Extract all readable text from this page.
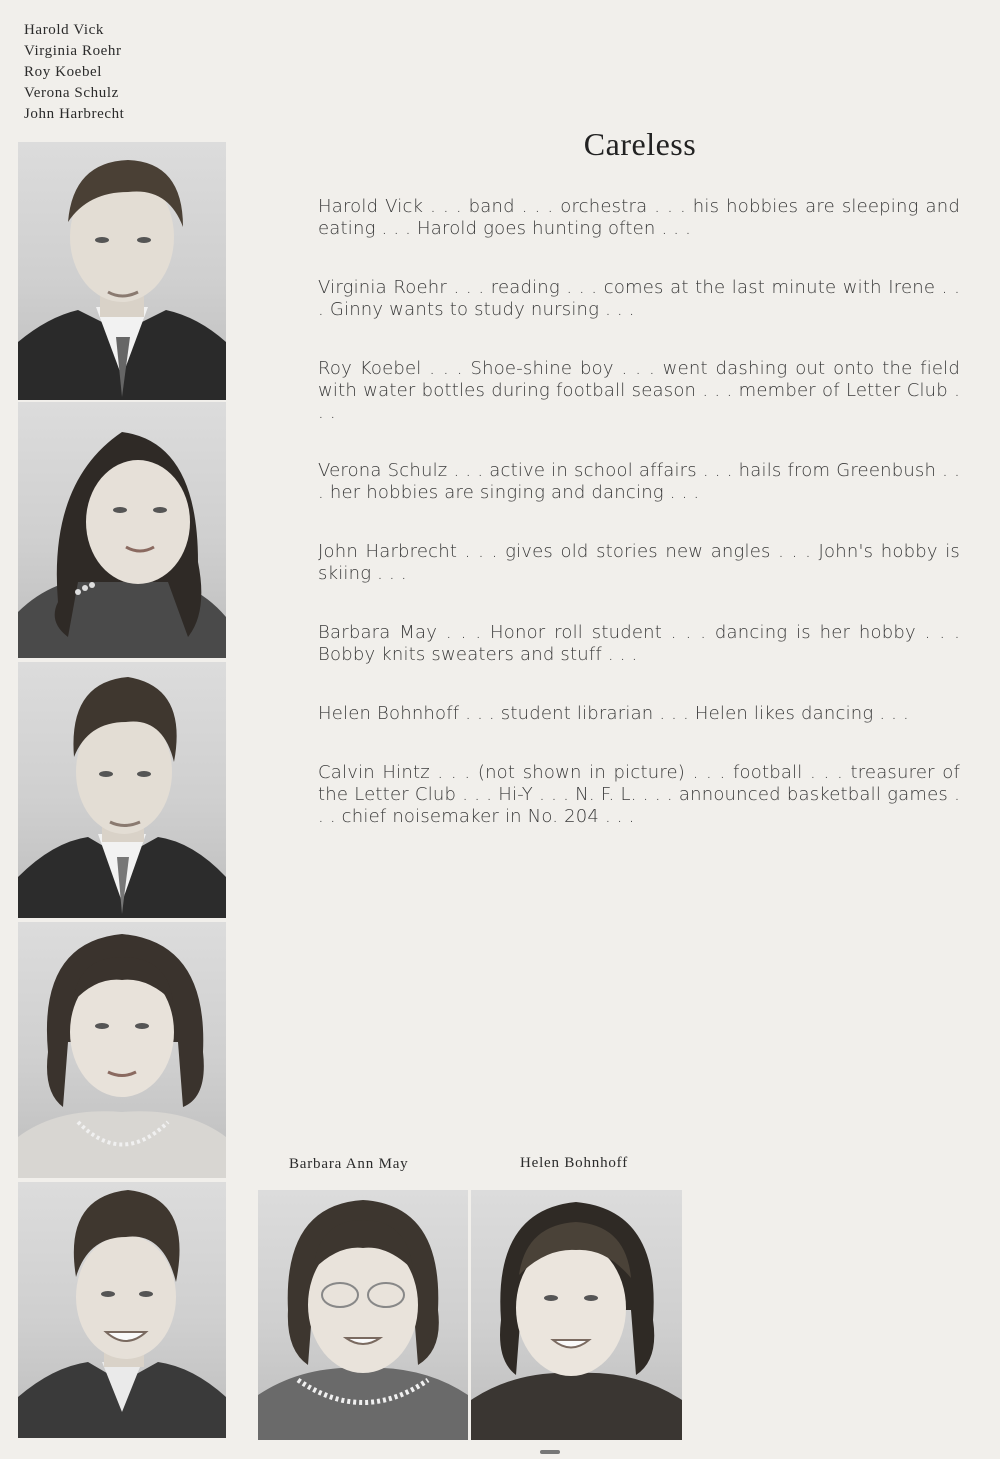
Harold Vick
Virginia Roehr
Roy Koebel
Verona Schulz
John Harbrecht
Careless
Harold Vick . . . band . . . orchestra . . . his hobbies are sleeping and eating . . . Harold goes hunting often . . .
Virginia Roehr . . . reading . . . comes at the last minute with Irene . . . Ginny wants to study nursing . . .
Roy Koebel . . . Shoe-shine boy . . . went dashing out onto the field with water bottles during football season . . . member of Letter Club . . .
Verona Schulz . . . active in school affairs . . . hails from Greenbush . . . her hobbies are singing and dancing . . .
John Harbrecht . . . gives old stories new angles . . . John's hobby is skiing . . .
Barbara May . . . Honor roll student . . . dancing is her hobby . . . Bobby knits sweaters and stuff . . .
Helen Bohnhoff . . . student librarian . . . Helen likes dancing . . .
Calvin Hintz . . . (not shown in picture) . . . football . . . treasurer of the Letter Club . . . Hi-Y . . . N. F. L. . . . announced basketball games . . . chief noisemaker in No. 204 . . .
Barbara Ann May	Helen Bohnhoff
